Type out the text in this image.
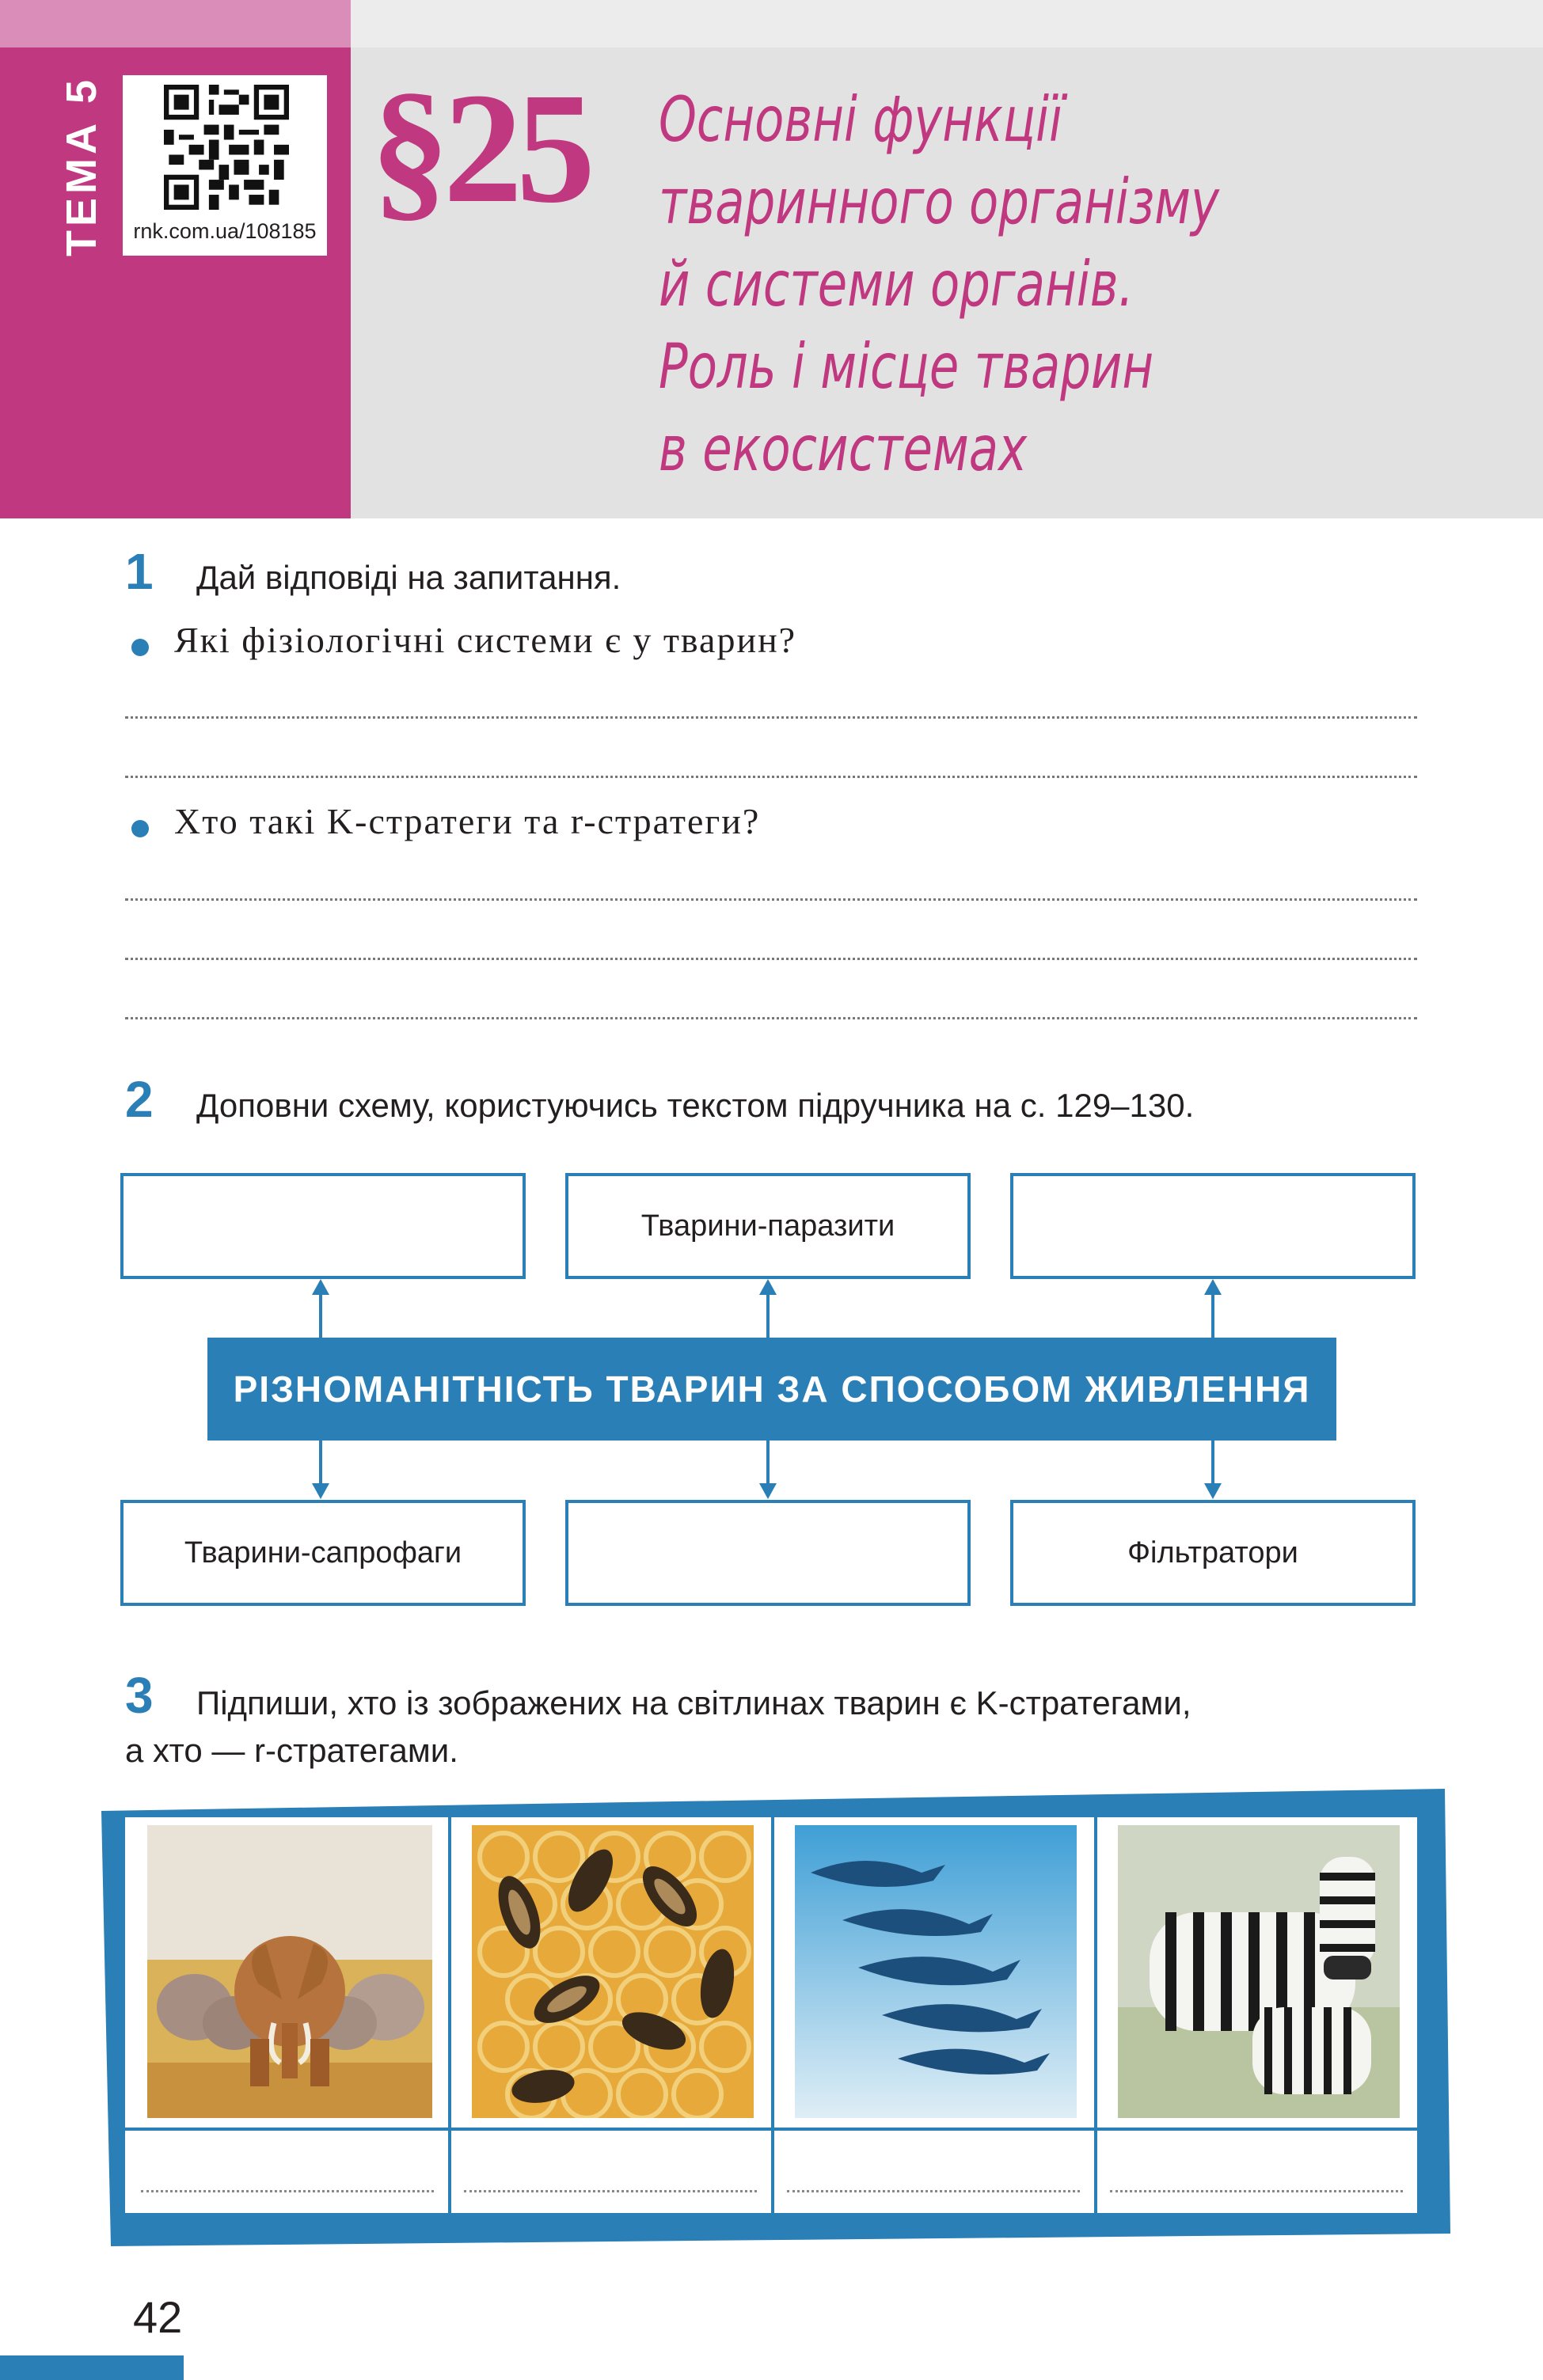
ТЕМА 5	rnk.com.ua/108185 §25 Основні функції
тваринного організму
й системи органів.
Роль і місце тварин
в екосистемах
1 Дай відповіді на запитання.
Які фізіологічні системи є у тварин?
Хто такі K-стратеги та r-стратеги?
2 Доповни схему, користуючись текстом підручника на с. 129–130.
Тварини-паразити
РІЗНОМАНІТНІСТЬ ТВАРИН ЗА СПОСОБОМ ЖИВЛЕННЯ
Тварини-сапрофаги	Фільтратори
3 Підпиши, хто із зображених на світлинах тварин є K-стратегами,
а хто — r-стратегами.
42
